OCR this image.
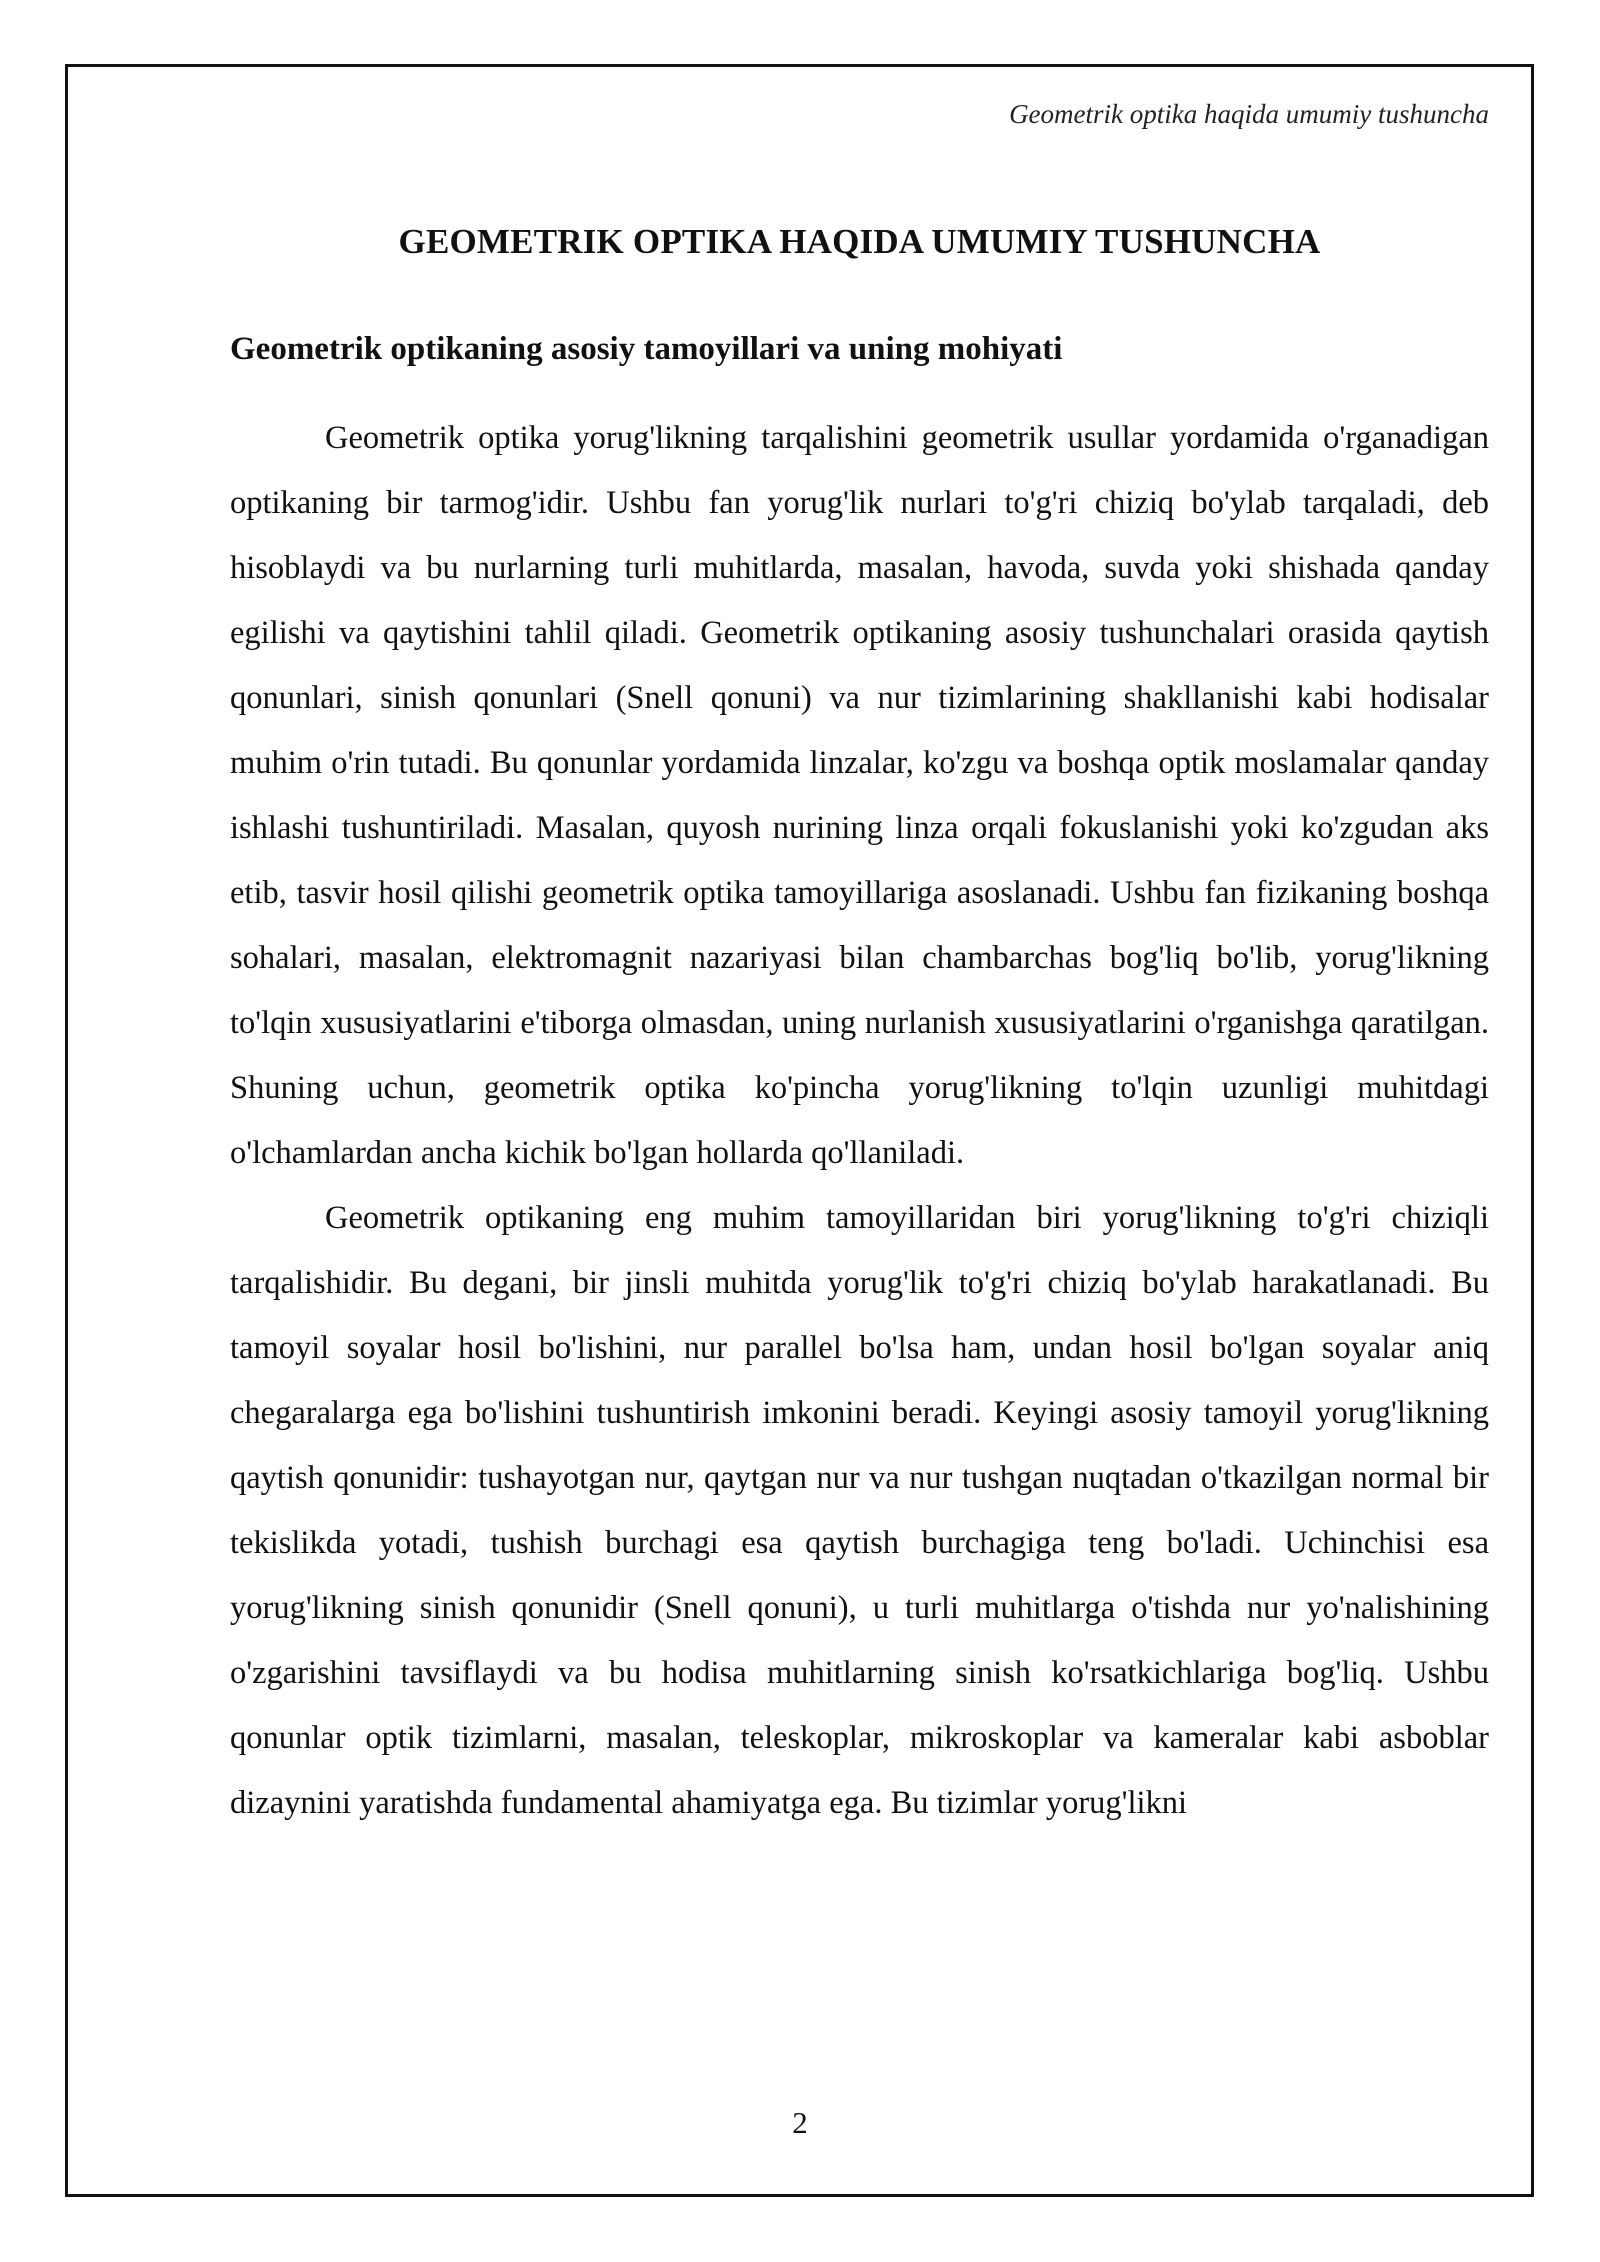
Geometrik optika haqida umumiy tushuncha
GEOMETRIK OPTIKA HAQIDA UMUMIY TUSHUNCHA
Geometrik optikaning asosiy tamoyillari va uning mohiyati

Geometrik optika yorug'likning tarqalishini geometrik usullar yordamida o'rganadigan optikaning bir tarmog'idir. Ushbu fan yorug'lik nurlari to'g'ri chiziq bo'ylab tarqaladi, deb hisoblaydi va bu nurlarning turli muhitlarda, masalan, havoda, suvda yoki shishada qanday egilishi va qaytishini tahlil qiladi. Geometrik optikaning asosiy tushunchalari orasida qaytish qonunlari, sinish qonunlari (Snell qonuni) va nur tizimlarining shakllanishi kabi hodisalar muhim o'rin tutadi. Bu qonunlar yordamida linzalar, ko'zgu va boshqa optik moslamalar qanday ishlashi tushuntiriladi. Masalan, quyosh nurining linza orqali fokuslanishi yoki ko'zgudan aks etib, tasvir hosil qilishi geometrik optika tamoyillariga asoslanadi. Ushbu fan fizikaning boshqa sohalari, masalan, elektromagnit nazariyasi bilan chambarchas bog'liq bo'lib, yorug'likning to'lqin xususiyatlarini e'tiborga olmasdan, uning nurlanish xususiyatlarini o'rganishga qaratilgan. Shuning uchun, geometrik optika ko'pincha yorug'likning to'lqin uzunligi muhitdagi o'lchamlardan ancha kichik bo'lgan hollarda qo'llaniladi.

Geometrik optikaning eng muhim tamoyillaridan biri yorug'likning to'g'ri chiziqli tarqalishidir. Bu degani, bir jinsli muhitda yorug'lik to'g'ri chiziq bo'ylab harakatlanadi. Bu tamoyil soyalar hosil bo'lishini, nur parallel bo'lsa ham, undan hosil bo'lgan soyalar aniq chegaralarga ega bo'lishini tushuntirish imkonini beradi. Keyingi asosiy tamoyil yorug'likning qaytish qonunidir: tushayotgan nur, qaytgan nur va nur tushgan nuqtadan o'tkazilgan normal bir tekislikda yotadi, tushish burchagi esa qaytish burchagiga teng bo'ladi. Uchinchisi esa yorug'likning sinish qonunidir (Snell qonuni), u turli muhitlarga o'tishda nur yo'nalishining o'zgarishini tavsiflaydi va bu hodisa muhitlarning sinish ko'rsatkichlariga bog'liq. Ushbu qonunlar optik tizimlarni, masalan, teleskoplar, mikroskoplar va kameralar kabi asboblar dizaynini yaratishda fundamental ahamiyatga ega. Bu tizimlar yorug'likni

2
